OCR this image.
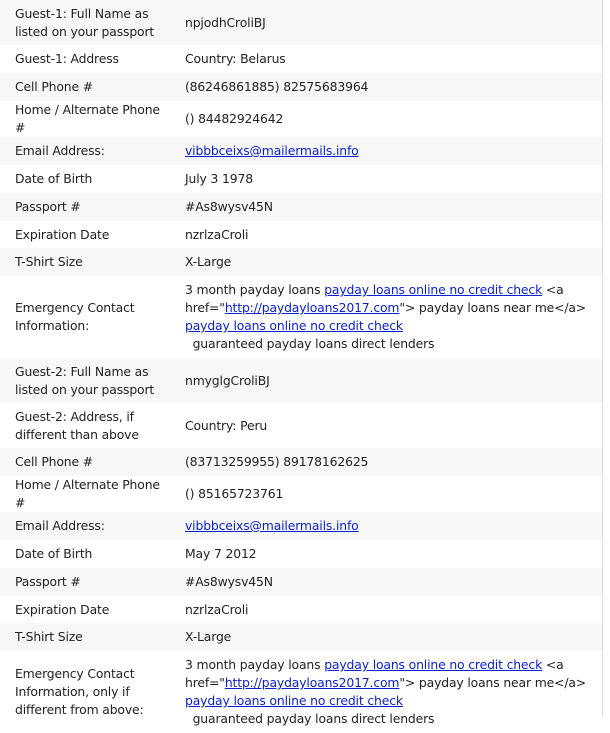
Guest-1: Full Name as listed on your passport	npjodhCroliBJ
Guest-1: Address	Country: Belarus
Cell Phone #	(86246861885) 82575683964
Home / Alternate Phone #	() 84482924642
Email Address:	vibbbceixs@mailermails.info
Date of Birth	July 3 1978
Passport #	#As8wysv45N
Expiration Date	nzrlzaCroli
T-Shirt Size	X-Large
Emergency Contact Information:	3 month payday loans payday loans online no credit check <a href="http://paydayloans2017.com"> payday loans near me</a> payday loans online no credit check  guaranteed payday loans direct lenders
Guest-2: Full Name as listed on your passport	nmyglgCroliBJ
Guest-2: Address, if different than above	Country: Peru
Cell Phone #	(83713259955) 89178162625
Home / Alternate Phone #	() 85165723761
Email Address:	vibbbceixs@mailermails.info
Date of Birth	May 7 2012
Passport #	#As8wysv45N
Expiration Date	nzrlzaCroli
T-Shirt Size	X-Large
Emergency Contact Information, only if different from above:	3 month payday loans payday loans online no credit check <a href="http://paydayloans2017.com"> payday loans near me</a> payday loans online no credit check  guaranteed payday loans direct lenders
